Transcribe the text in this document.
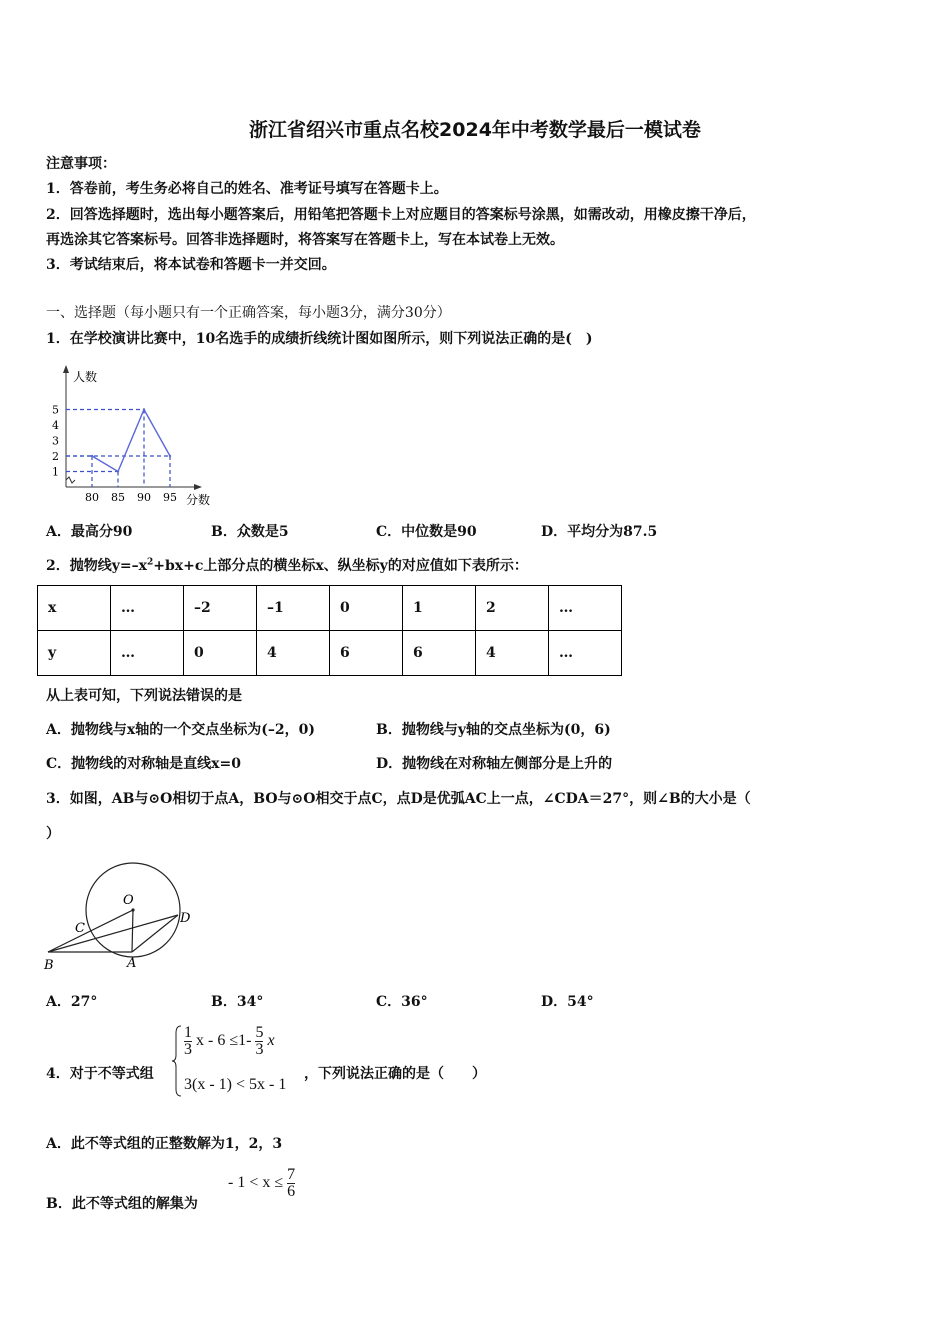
浙江省绍兴市重点名校2024年中考数学最后一模试卷
注意事项：
1．答卷前，考生务必将自己的姓名、准考证号填写在答题卡上。
2．回答选择题时，选出每小题答案后，用铅笔把答题卡上对应题目的答案标号涂黑，如需改动，用橡皮擦干净后，
再选涂其它答案标号。回答非选择题时，将答案写在答题卡上，写在本试卷上无效。
3．考试结束后，将本试卷和答题卡一并交回。
一、选择题（每小题只有一个正确答案，每小题3分，满分30分）
1．在学校演讲比赛中，10名选手的成绩折线统计图如图所示，则下列说法正确的是(　)
1
2
3
4
5
80 85 90 95
人数
分数
A．最高分90	B．众数是5	C．中位数是90	D．平均分为87.5
2．抛物线$y=-x^2+bx+c$上部分点的横坐标x、纵坐标y的对应值如下表所示：
x	…	–2	–1	0	1	2	…
y	…	0	4	6	6	4	…
从上表可知，下列说法错误的是
A．抛物线与x轴的一个交点坐标为(–2，0)	B．抛物线与y轴的交点坐标为(0，6)
C．抛物线的对称轴是直线x=0	D．抛物线在对称轴左侧部分是上升的
3．如图，AB与⊙O相切于点A，BO与⊙O相交于点C，点D是优弧AC上一点，∠CDA＝27°，则∠B的大小是（
）
O
C
D
B	A
A．27°	B．34°	C．36°	D．54°
4．对于不等式组
$\frac{1}{3}$ $x - 6 \le 1- \frac{5}{3}$ x
3(x - 1) < 5x - 1
，下列说法正确的是（　　）
A．此不等式组的正整数解为1，2，3
B．此不等式组的解集为
- $1 < x \le \frac{7}{6}$
